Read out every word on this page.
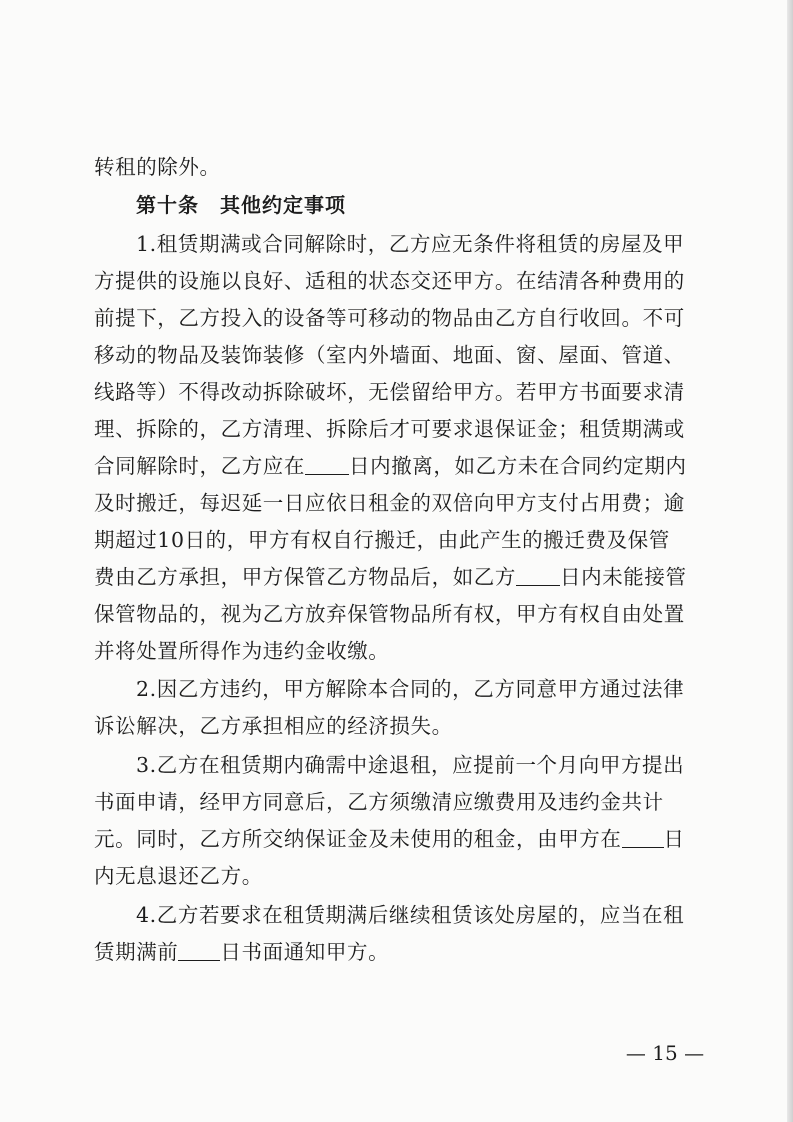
转租的除外。
第十条　其他约定事项
1.租赁期满或合同解除时，乙方应无条件将租赁的房屋及甲
方提供的设施以良好、适租的状态交还甲方。在结清各种费用的
前提下，乙方投入的设备等可移动的物品由乙方自行收回。不可
移动的物品及装饰装修（室内外墙面、地面、窗、屋面、管道、
线路等）不得改动拆除破坏，无偿留给甲方。若甲方书面要求清
理、拆除的，乙方清理、拆除后才可要求退保证金；租赁期满或
合同解除时，乙方应在 日内撤离，如乙方未在合同约定期内
及时搬迁，每迟延一日应依日租金的双倍向甲方支付占用费；逾
期超过10日的，甲方有权自行搬迁，由此产生的搬迁费及保管
费由乙方承担，甲方保管乙方物品后，如乙方 日内未能接管
保管物品的，视为乙方放弃保管物品所有权，甲方有权自由处置
并将处置所得作为违约金收缴。
2.因乙方违约，甲方解除本合同的，乙方同意甲方通过法律
诉讼解决，乙方承担相应的经济损失。
3.乙方在租赁期内确需中途退租，应提前一个月向甲方提出
书面申请，经甲方同意后，乙方须缴清应缴费用及违约金共计
元。同时，乙方所交纳保证金及未使用的租金，由甲方在 日
内无息退还乙方。
4.乙方若要求在租赁期满后继续租赁该处房屋的，应当在租
赁期满前 日书面通知甲方。
— 15 —
